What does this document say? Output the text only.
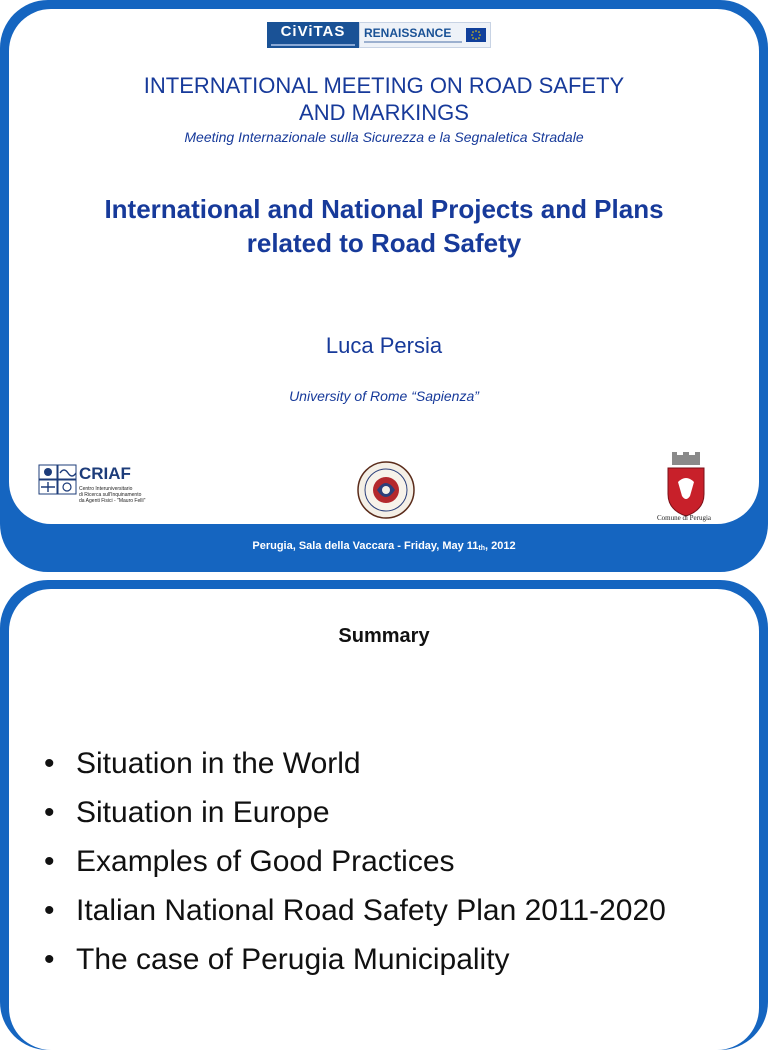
CiViTAS	RENAISSANCE
INTERNATIONAL MEETING ON ROAD SAFETY
AND MARKINGS
Meeting Internazionale sulla Sicurezza e la Segnaletica Stradale
International and National Projects and Plans
related to Road Safety
Luca Persia
University of Rome “Sapienza”
CRIAF
Centro Interuniversitario
di Ricerca sull'Inquinamento
da Agenti Fisici - "Mauro Felli"
Comune di Perugia
Perugia, Sala della Vaccara - Friday, May $11_{th}$, 2012
Summary
• Situation in the World
• Situation in Europe
• Examples of Good Practices
• Italian National Road Safety Plan 2011-2020
• The case of Perugia Municipality
